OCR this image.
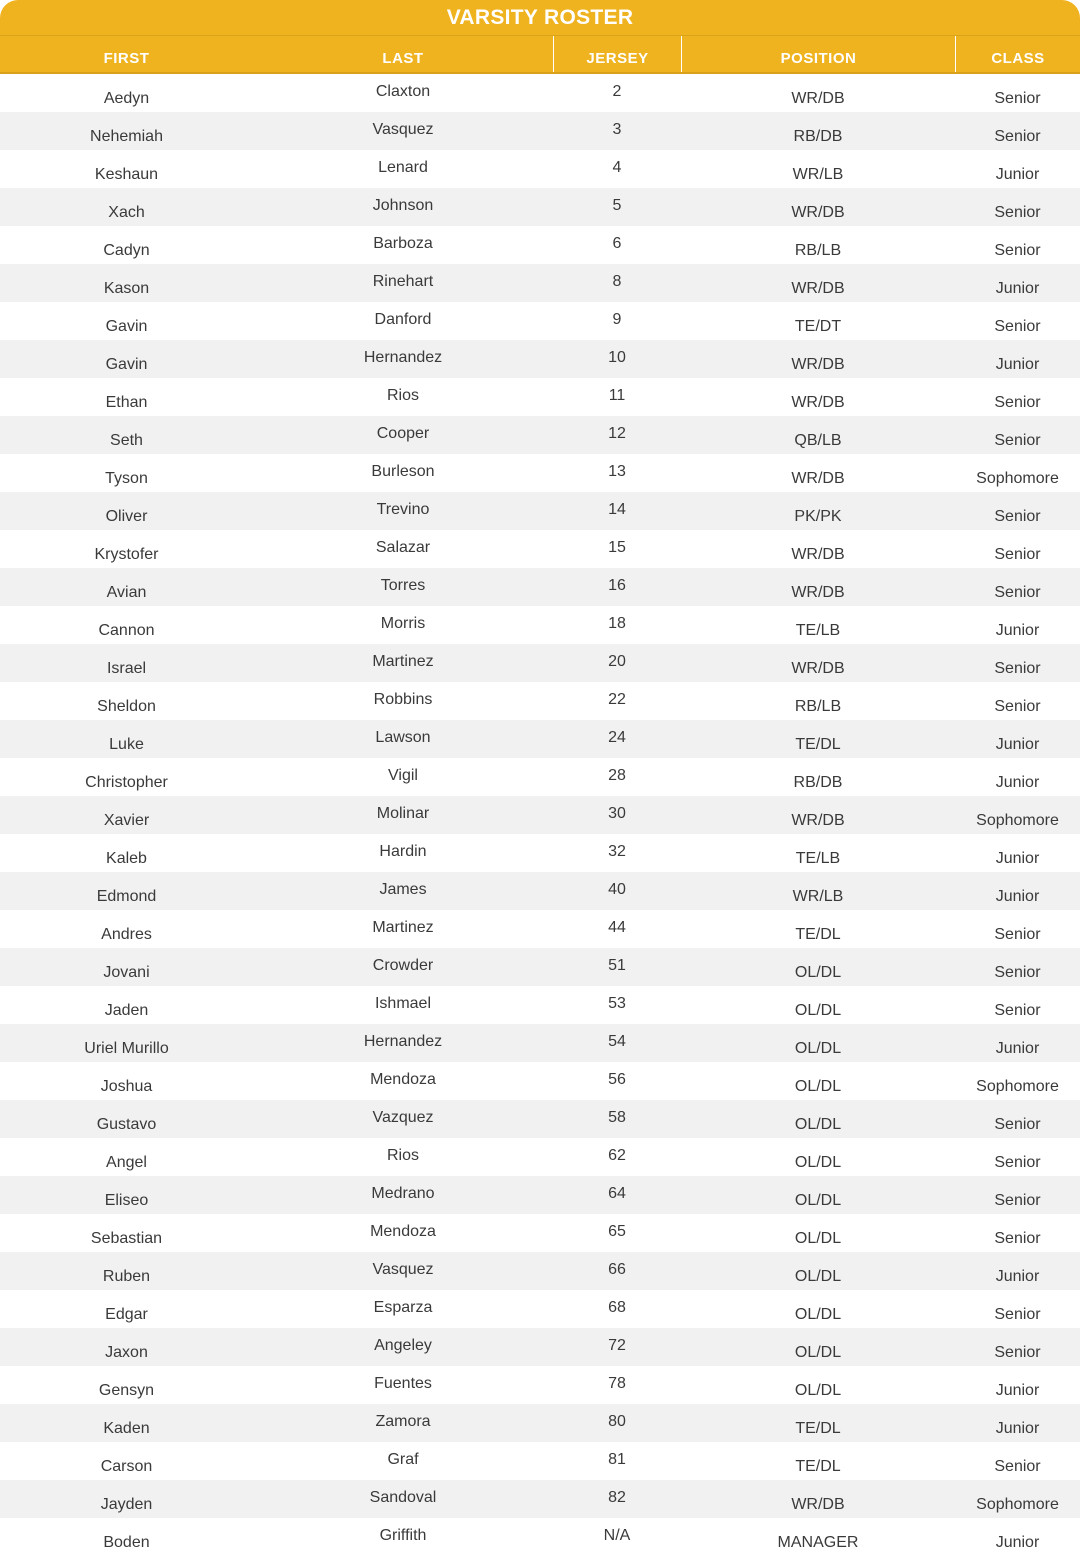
VARSITY ROSTER
FIRST	LAST	JERSEY	POSITION	CLASS
Aedyn	Claxton	2	WR/DB	Senior
Nehemiah	Vasquez	3	RB/DB	Senior
Keshaun	Lenard	4	WR/LB	Junior
Xach	Johnson	5	WR/DB	Senior
Cadyn	Barboza	6	RB/LB	Senior
Kason	Rinehart	8	WR/DB	Junior
Gavin	Danford	9	TE/DT	Senior
Gavin	Hernandez	10	WR/DB	Junior
Ethan	Rios	11	WR/DB	Senior
Seth	Cooper	12	QB/LB	Senior
Tyson	Burleson	13	WR/DB	Sophomore
Oliver	Trevino	14	PK/PK	Senior
Krystofer	Salazar	15	WR/DB	Senior
Avian	Torres	16	WR/DB	Senior
Cannon	Morris	18	TE/LB	Junior
Israel	Martinez	20	WR/DB	Senior
Sheldon	Robbins	22	RB/LB	Senior
Luke	Lawson	24	TE/DL	Junior
Christopher	Vigil	28	RB/DB	Junior
Xavier	Molinar	30	WR/DB	Sophomore
Kaleb	Hardin	32	TE/LB	Junior
Edmond	James	40	WR/LB	Junior
Andres	Martinez	44	TE/DL	Senior
Jovani	Crowder	51	OL/DL	Senior
Jaden	Ishmael	53	OL/DL	Senior
Uriel Murillo	Hernandez	54	OL/DL	Junior
Joshua	Mendoza	56	OL/DL	Sophomore
Gustavo	Vazquez	58	OL/DL	Senior
Angel	Rios	62	OL/DL	Senior
Eliseo	Medrano	64	OL/DL	Senior
Sebastian	Mendoza	65	OL/DL	Senior
Ruben	Vasquez	66	OL/DL	Junior
Edgar	Esparza	68	OL/DL	Senior
Jaxon	Angeley	72	OL/DL	Senior
Gensyn	Fuentes	78	OL/DL	Junior
Kaden	Zamora	80	TE/DL	Junior
Carson	Graf	81	TE/DL	Senior
Jayden	Sandoval	82	WR/DB	Sophomore
Boden	Griffith	N/A	MANAGER	Junior
